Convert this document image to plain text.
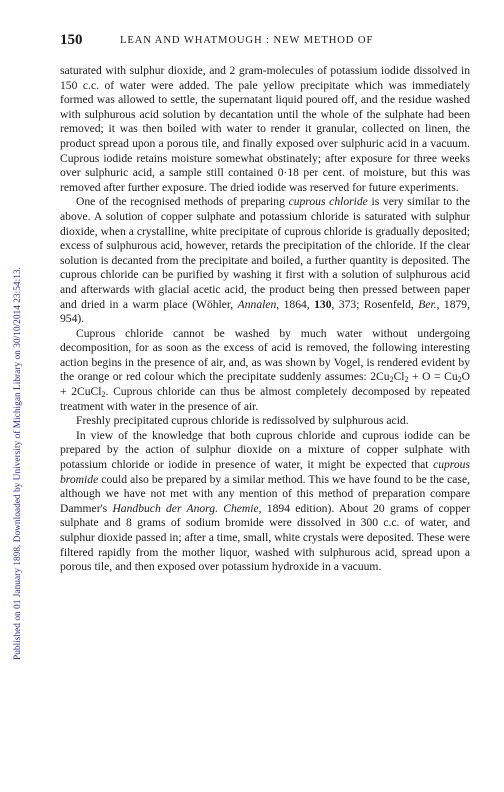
Published on 01 January 1898. Downloaded by University of Michigan Library on 30/10/2014 23:54:13.
150	LEAN AND WHATMOUGH : NEW METHOD OF

saturated with sulphur dioxide, and 2 gram-molecules of potassium iodide dissolved in 150 c.c. of water were added. The pale yellow precipitate which was immediately formed was allowed to settle, the supernatant liquid poured off, and the residue washed with sulphurous acid solution by decantation until the whole of the sulphate had been removed; it was then boiled with water to render it granular, collected on linen, the product spread upon a porous tile, and finally exposed over sulphuric acid in a vacuum. Cuprous iodide retains moisture somewhat obstinately; after exposure for three weeks over sulphuric acid, a sample still contained 0·18 per cent. of moisture, but this was removed after further exposure. The dried iodide was reserved for future experiments.

One of the recognised methods of preparing cuprous chloride is very similar to the above. A solution of copper sulphate and potassium chloride is saturated with sulphur dioxide, when a crystalline, white precipitate of cuprous chloride is gradually deposited; excess of sulphurous acid, however, retards the precipitation of the chloride. If the clear solution is decanted from the precipitate and boiled, a further quantity is deposited. The cuprous chloride can be purified by washing it first with a solution of sulphurous acid and afterwards with glacial acetic acid, the product being then pressed between paper and dried in a warm place (Wöhler, Annalen, 1864, 130, 373; Rosenfeld, Ber., 1879, 954).

Cuprous chloride cannot be washed by much water without undergoing decomposition, for as soon as the excess of acid is removed, the following interesting action begins in the presence of air, and, as was shown by Vogel, is rendered evident by the orange or red colour which the precipitate suddenly assumes: $2Cu_2Cl_2 + O = Cu_2O$ + 2CuCl$_2$. Cuprous chloride can thus be almost completely decomposed by repeated treatment with water in the presence of air.

Freshly precipitated cuprous chloride is redissolved by sulphurous acid.

In view of the knowledge that both cuprous chloride and cuprous iodide can be prepared by the action of sulphur dioxide on a mixture of copper sulphate with potassium chloride or iodide in presence of water, it might be expected that cuprous bromide could also be prepared by a similar method. This we have found to be the case, although we have not met with any mention of this method of preparation compare Dammer's Handbuch der Anorg. Chemie, 1894 edition). About 20 grams of copper sulphate and 8 grams of sodium bromide were dissolved in 300 c.c. of water, and sulphur dioxide passed in; after a time, small, white crystals were deposited. These were filtered rapidly from the mother liquor, washed with sulphurous acid, spread upon a porous tile, and then exposed over potassium hydroxide in a vacuum.
